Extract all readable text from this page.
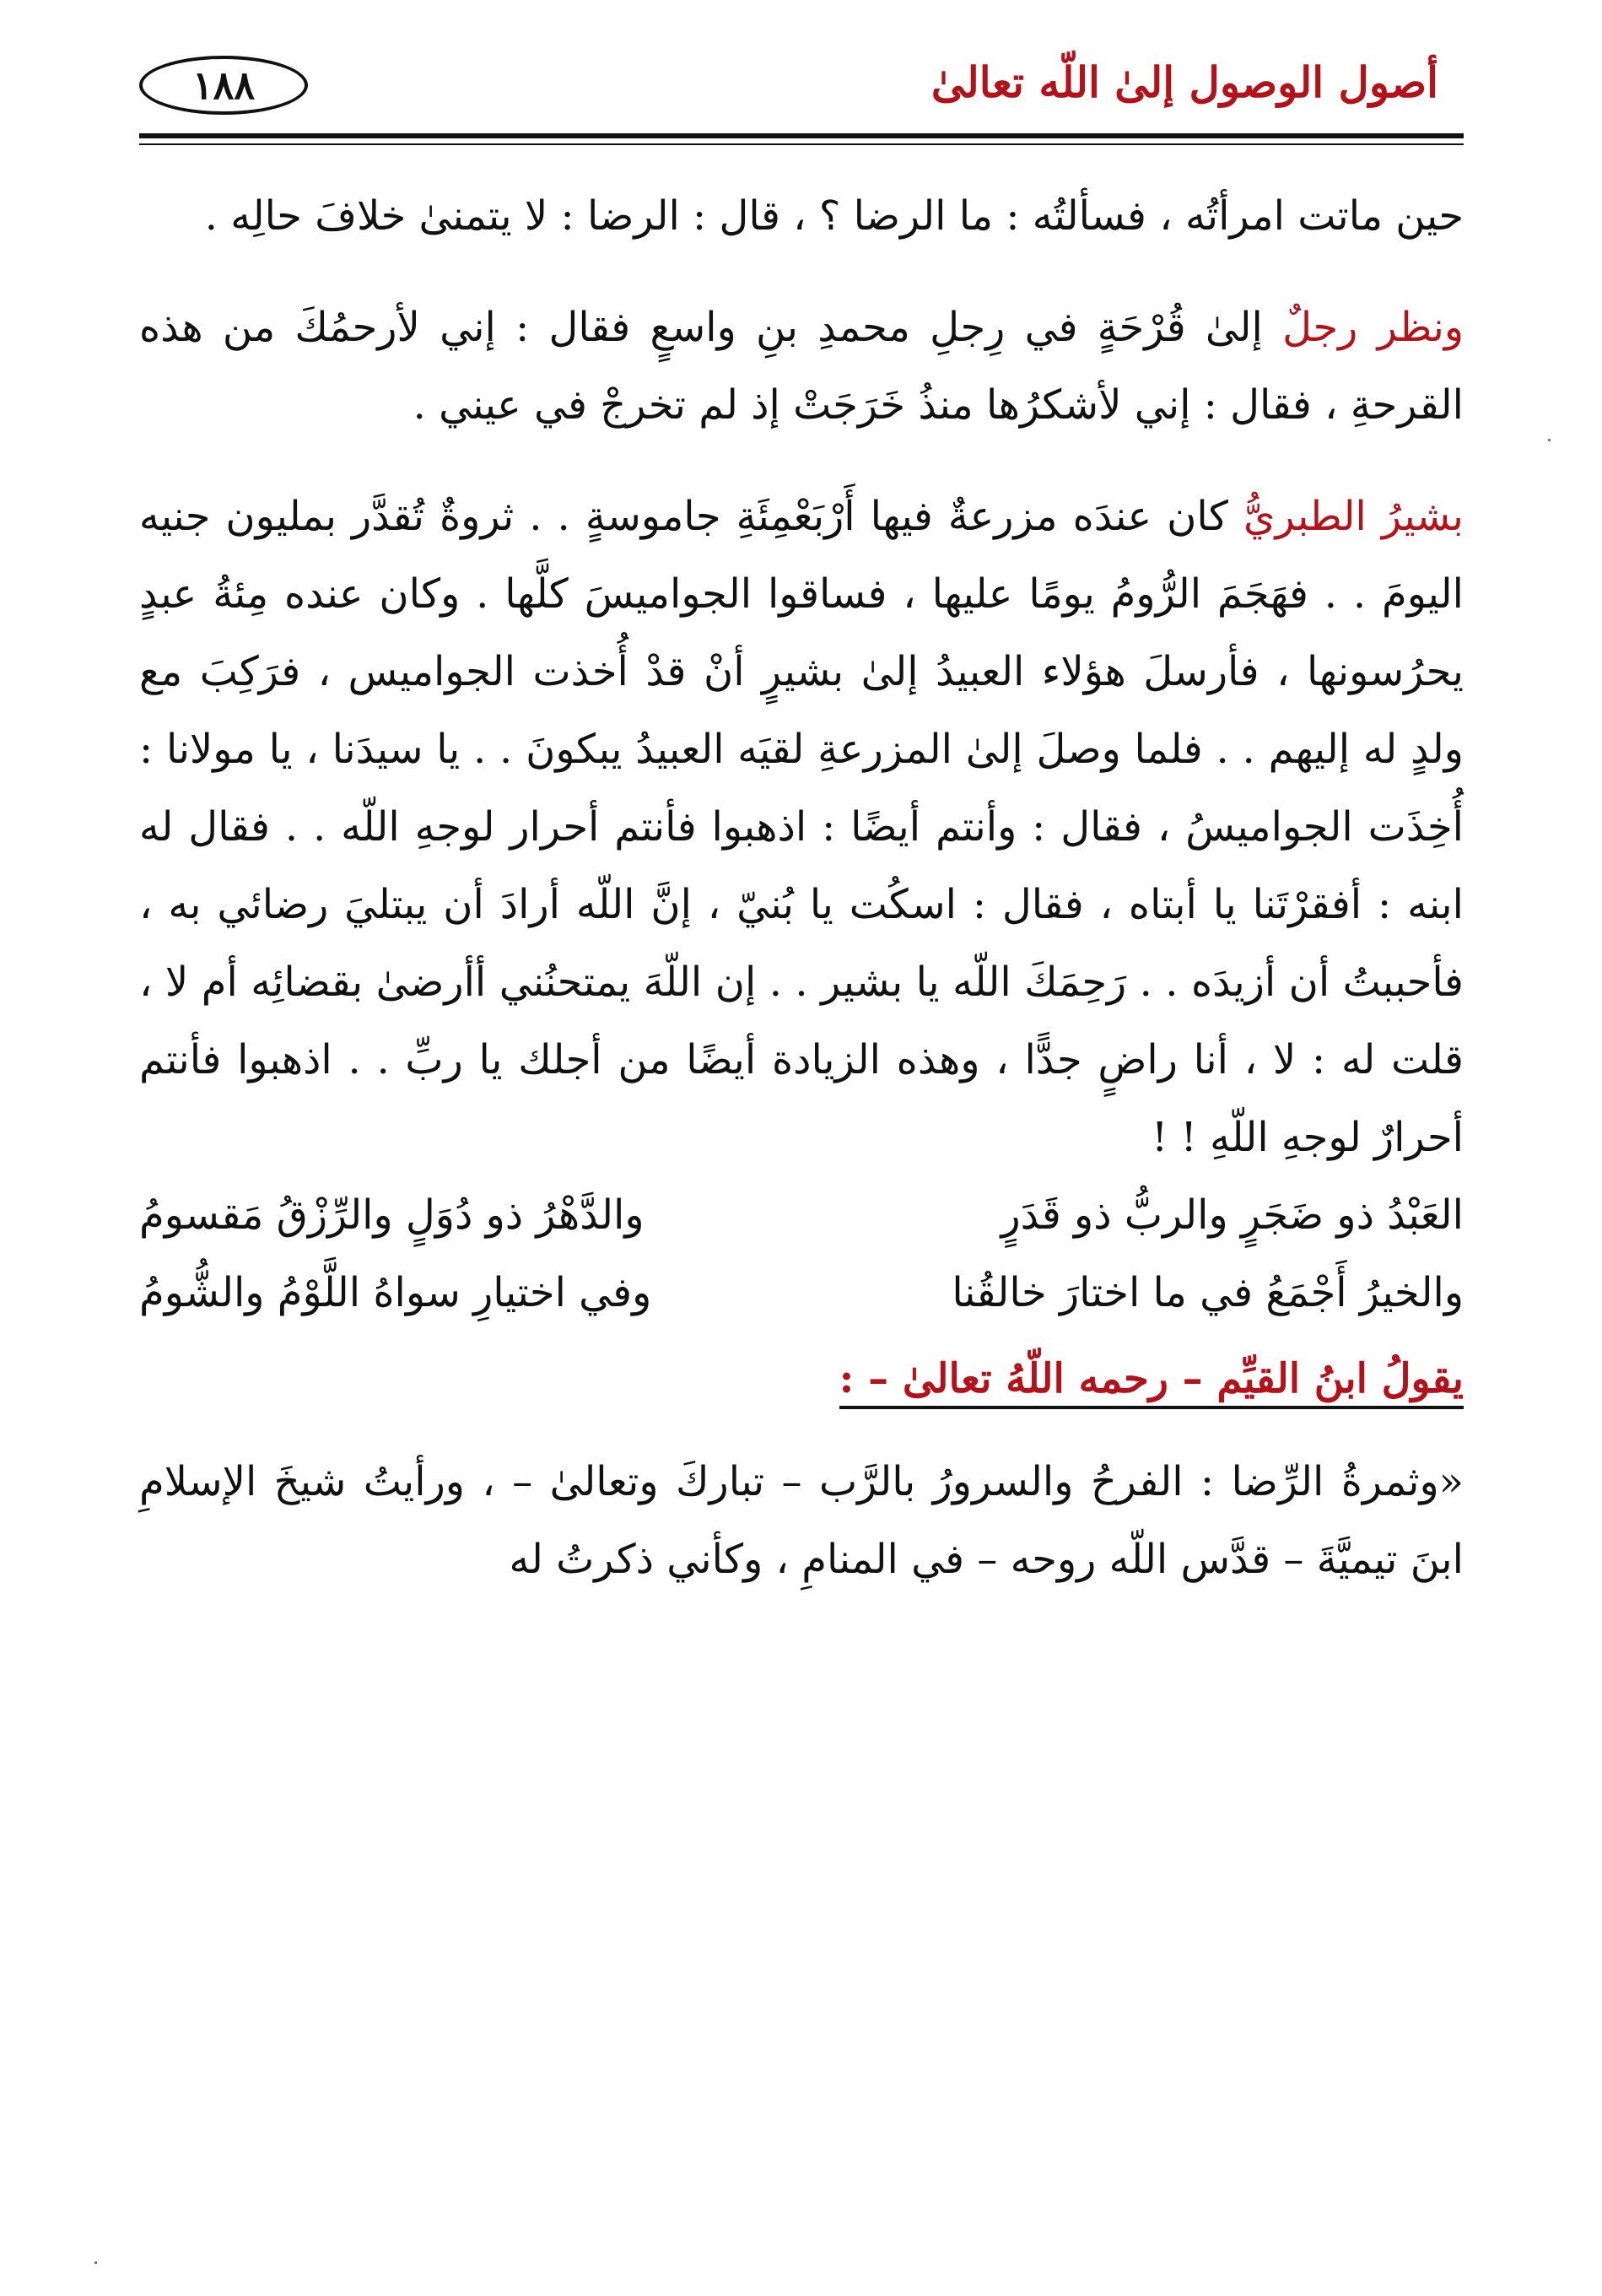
أصول الوصول إلىٰ اللّه تعالىٰ
١٨٨

حين ماتت امرأتُه ، فسألتُه : ما الرضا ؟ ، قال : الرضا : لا يتمنىٰ خلافَ حالِه .

ونظر رجلٌ إلىٰ قُرْحَةٍ في رِجلِ محمدِ بنِ واسعٍ فقال : إني لأرحمُكَ من هذه القرحةِ ، فقال : إني لأشكرُها منذُ خَرَجَتْ إذ لم تخرجْ في عيني .

بشيرُ الطبريُّ كان عندَه مزرعةٌ فيها أَرْبَعْمِئَةِ جاموسةٍ . . ثروةٌ تُقدَّر بمليون جنيه اليومَ . . فهَجَمَ الرُّومُ يومًا عليها ، فساقوا الجواميسَ كلَّها . وكان عنده مِئةُ عبدٍ يحرُسونها ، فأرسلَ هؤلاء العبيدُ إلىٰ بشيرٍ أنْ قدْ أُخذت الجواميس ، فرَكِبَ مع ولدٍ له إليهم . . فلما وصلَ إلىٰ المزرعةِ لقيَه العبيدُ يبكونَ . . يا سيدَنا ، يا مولانا : أُخِذَت الجواميسُ ، فقال : وأنتم أيضًا : اذهبوا فأنتم أحرار لوجهِ اللّه . . فقال له ابنه : أفقرْتَنا يا أبتاه ، فقال : اسكُت يا بُنيّ ، إنَّ اللّه أرادَ أن يبتليَ رضائي به ، فأحببتُ أن أزيدَه . . رَحِمَكَ اللّه يا بشير . . إن اللّهَ يمتحنُني أأرضىٰ بقضائِه أم لا ، قلت له : لا ، أنا راضٍ جدًّا ، وهذه الزيادة أيضًا من أجلك يا ربِّ . . اذهبوا فأنتم أحرارٌ لوجهِ اللّهِ ! !

العَبْدُ ذو ضَجَرٍ والربُّ ذو قَدَرٍ
والدَّهْرُ ذو دُوَلٍ والرِّزْقُ مَقسومُ
والخيرُ أَجْمَعُ في ما اختارَ خالقُنا
وفي اختيارِ سواهُ اللَّوْمُ والشُّومُ

يقولُ ابنُ القيِّم – رحمه اللّهُ تعالىٰ – :

«وثمرةُ الرِّضا : الفرحُ والسرورُ بالرَّب – تباركَ وتعالىٰ – ، ورأيتُ شيخَ الإسلامِ ابنَ تيميَّةَ – قدَّس اللّه روحه – في المنامِ ، وكأني ذكرتُ له
